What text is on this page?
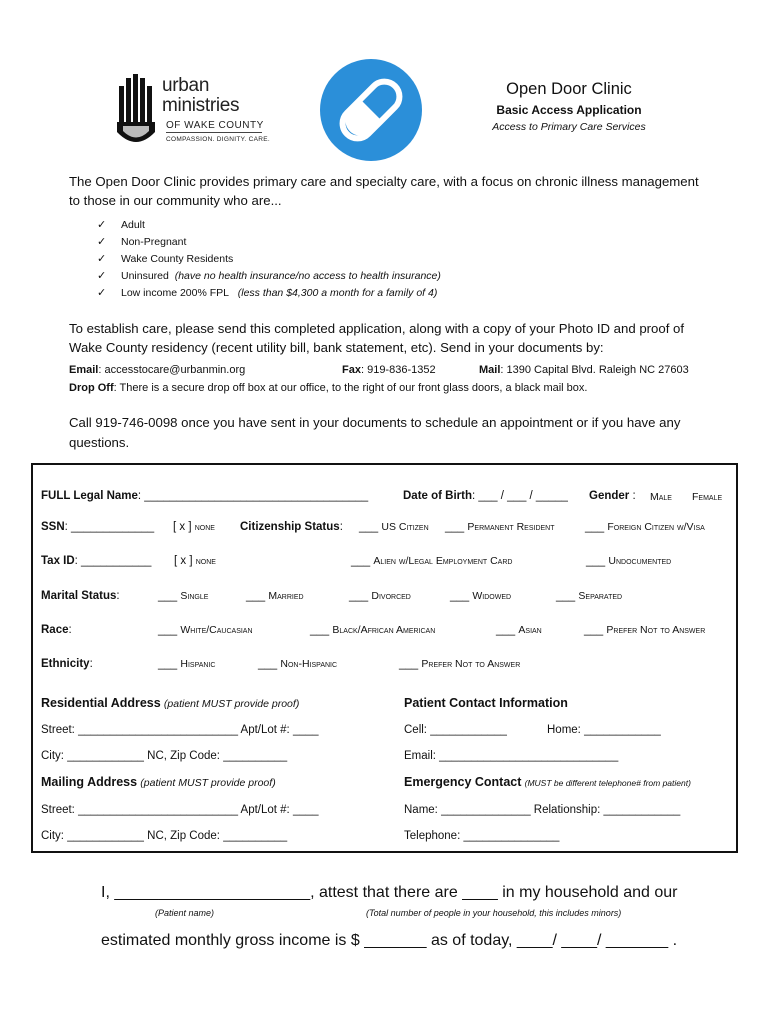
urban
ministries
OF WAKE COUNTY
COMPASSION. DIGNITY. CARE.
Open Door Clinic
Basic Access Application
Access to Primary Care Services
The Open Door Clinic provides primary care and specialty care, with a focus on chronic illness management
to those in our community who are...
✓ Adult
✓ Non-Pregnant
✓ Wake County Residents
✓ Uninsured (have no health insurance/no access to health insurance)
✓ Low income 200% FPL (less than $4,300 a month for a family of 4)
To establish care, please send this completed application, along with a copy of your Photo ID and proof of
Wake County residency (recent utility bill, bank statement, etc). Send in your documents by:
Email: accesstocare@urbanmin.org	Fax: 919-836-1352	Mail: 1390 Capital Blvd. Raleigh NC 27603
Drop Off: There is a secure drop off box at our office, to the right of our front glass doors, a black mail box.
Call 919-746-0098 once you have sent in your documents to schedule an appointment or if you have any
questions.
FULL Legal Name: ___________________________________	Date of Birth: ___ / ___ / _____ Gender : Male Female
SSN: _____________ [ x ] none Citizenship Status: ___ US Citizen ___ Permanent Resident	___ Foreign Citizen w/Visa
Tax ID: ___________ [ x ] none	___ Alien w/Legal Employment Card	___ Undocumented
Marital Status:	___ Single	___ Married	___ Divorced	___ Widowed	___ Separated
Race:	___ White/Caucasian	___ Black/African American	___ Asian	___ Prefer Not to Answer
Ethnicity:	___ Hispanic	___ Non-Hispanic	___ Prefer Not to Answer
Residential Address (patient MUST provide proof)
Street: _________________________ Apt/Lot #: ____
City: ____________ NC, Zip Code: __________
Mailing Address (patient MUST provide proof)
Street: _________________________ Apt/Lot #: ____
City: ____________ NC, Zip Code: __________
Patient Contact Information
Cell: ____________	Home: ____________
Email: ____________________________
Emergency Contact (MUST be different telephone# from patient)
Name: ______________ Relationship: ____________
Telephone: _______________
I, ______________________, attest that there are ____ in my household and our
(Patient name)	(Total number of people in your household, this includes minors)
estimated monthly gross income is $ _______ as of today, ____/ ____/ _______ .
